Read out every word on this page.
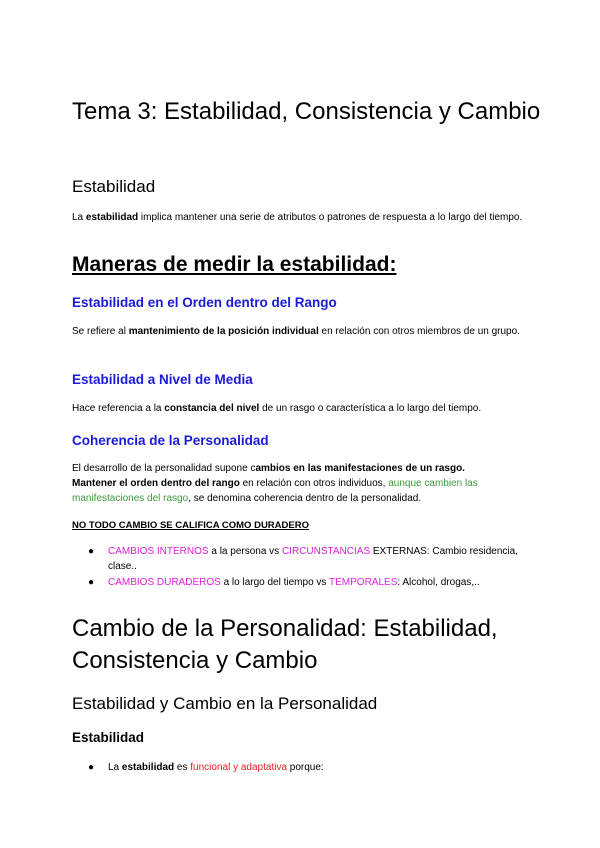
Tema 3: Estabilidad, Consistencia y Cambio
Estabilidad

La estabilidad implica mantener una serie de atributos o patrones de respuesta a lo largo del tiempo.

Maneras de medir la estabilidad:
Estabilidad en el Orden dentro del Rango

Se refiere al mantenimiento de la posición individual en relación con otros miembros de un grupo.

Estabilidad a Nivel de Media

Hace referencia a la constancia del nivel de un rasgo o característica a lo largo del tiempo.

Coherencia de la Personalidad

El desarrollo de la personalidad supone cambios en las manifestaciones de un rasgo.
Mantener el orden dentro del rango en relación con otros individuos, aunque cambien las manifestaciones del rasgo, se denomina coherencia dentro de la personalidad.

NO TODO CAMBIO SE CALIFICA COMO DURADERO

● CAMBIOS INTERNOS a la persona vs CIRCUNSTANCIAS EXTERNAS: Cambio residencia, clase..
● CAMBIOS DURADEROS a lo largo del tiempo vs TEMPORALES: Alcohol, drogas,..
Cambio de la Personalidad: Estabilidad, Consistencia y Cambio
Estabilidad y Cambio en la Personalidad
Estabilidad
● La estabilidad es funcional y adaptativa porque:
